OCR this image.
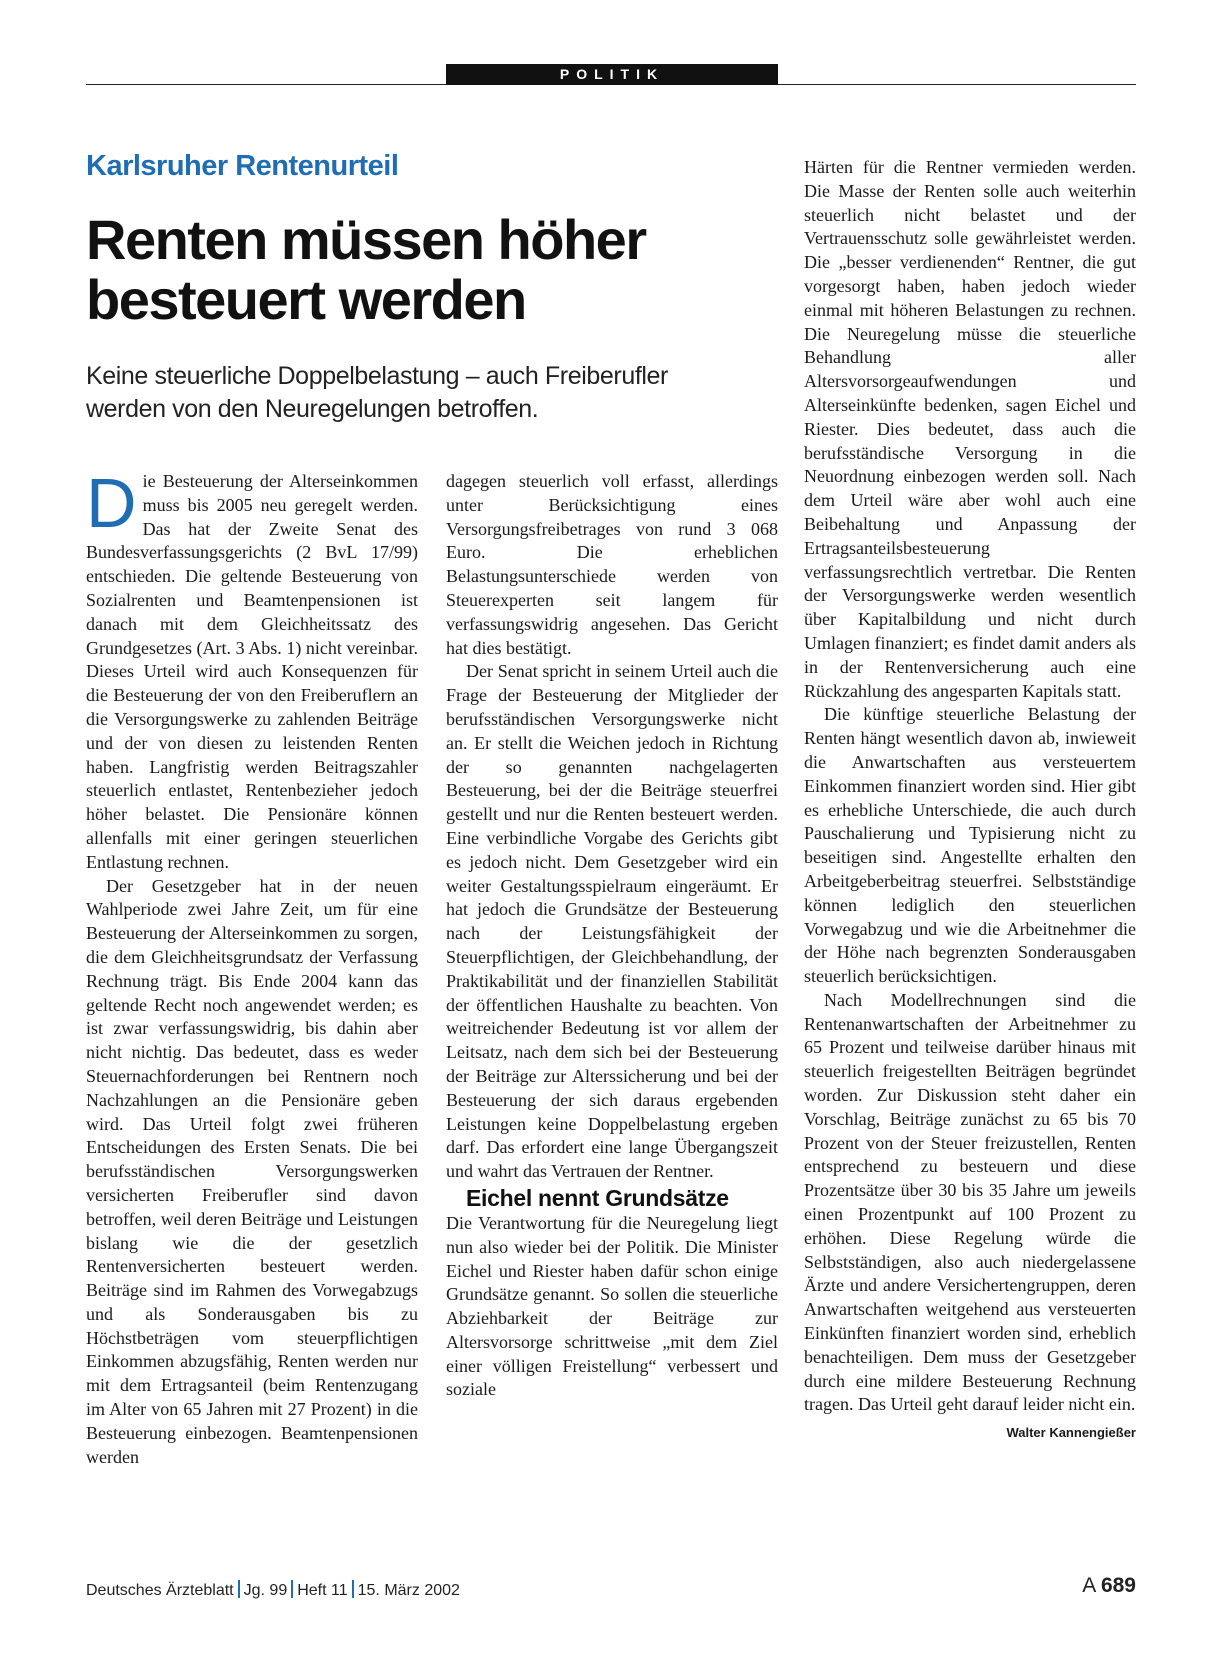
POLITIK
Karlsruher Rentenurteil
Renten müssen höher
besteuert werden
Keine steuerliche Doppelbelastung – auch Freiberufler
werden von den Neuregelungen betroffen.

Die Besteuerung der Alterseinkommen muss bis 2005 neu geregelt werden. Das hat der Zweite Senat des Bundesverfassungsgerichts (2 BvL 17/99) entschieden. Die geltende Besteuerung von Sozialrenten und Beamtenpensionen ist danach mit dem Gleichheitssatz des Grundgesetzes (Art. 3 Abs. 1) nicht vereinbar. Dieses Urteil wird auch Konsequenzen für die Besteuerung der von den Freiberuflern an die Versorgungswerke zu zahlenden Beiträge und der von diesen zu leistenden Renten haben. Langfristig werden Beitragszahler steuerlich entlastet, Rentenbezieher jedoch höher belastet. Die Pensionäre können allenfalls mit einer geringen steuerlichen Entlastung rechnen.

Der Gesetzgeber hat in der neuen Wahlperiode zwei Jahre Zeit, um für eine Besteuerung der Alterseinkommen zu sorgen, die dem Gleichheitsgrundsatz der Verfassung Rechnung trägt. Bis Ende 2004 kann das geltende Recht noch angewendet werden; es ist zwar verfassungswidrig, bis dahin aber nicht nichtig. Das bedeutet, dass es weder Steuernachforderungen bei Rentnern noch Nachzahlungen an die Pensionäre geben wird. Das Urteil folgt zwei früheren Entscheidungen des Ersten Senats. Die bei berufsständischen Versorgungswerken versicherten Freiberufler sind davon betroffen, weil deren Beiträge und Leistungen bislang wie die der gesetzlich Rentenversicherten besteuert werden. Beiträge sind im Rahmen des Vorwegabzugs und als Sonderausgaben bis zu Höchstbeträgen vom steuerpflichtigen Einkommen abzugsfähig, Renten werden nur mit dem Ertragsanteil (beim Rentenzugang im Alter von 65 Jahren mit 27 Prozent) in die Besteuerung einbezogen. Beamtenpensionen werden

dagegen steuerlich voll erfasst, allerdings unter Berücksichtigung eines Versorgungsfreibetrages von rund 3 068 Euro. Die erheblichen Belastungsunterschiede werden von Steuerexperten seit langem für verfassungswidrig angesehen. Das Gericht hat dies bestätigt.

Der Senat spricht in seinem Urteil auch die Frage der Besteuerung der Mitglieder der berufsständischen Versorgungswerke nicht an. Er stellt die Weichen jedoch in Richtung der so genannten nachgelagerten Besteuerung, bei der die Beiträge steuerfrei gestellt und nur die Renten besteuert werden. Eine verbindliche Vorgabe des Gerichts gibt es jedoch nicht. Dem Gesetzgeber wird ein weiter Gestaltungsspielraum eingeräumt. Er hat jedoch die Grundsätze der Besteuerung nach der Leistungsfähigkeit der Steuerpflichtigen, der Gleichbehandlung, der Praktikabilität und der finanziellen Stabilität der öffentlichen Haushalte zu beachten. Von weitreichender Bedeutung ist vor allem der Leitsatz, nach dem sich bei der Besteuerung der Beiträge zur Alterssicherung und bei der Besteuerung der sich daraus ergebenden Leistungen keine Doppelbelastung ergeben darf. Das erfordert eine lange Übergangszeit und wahrt das Vertrauen der Rentner.

Eichel nennt Grundsätze

Die Verantwortung für die Neuregelung liegt nun also wieder bei der Politik. Die Minister Eichel und Riester haben dafür schon einige Grundsätze genannt. So sollen die steuerliche Abziehbarkeit der Beiträge zur Altersvorsorge schrittweise „mit dem Ziel einer völligen Freistellung“ verbessert und soziale

Härten für die Rentner vermieden werden. Die Masse der Renten solle auch weiterhin steuerlich nicht belastet und der Vertrauensschutz solle gewährleistet werden. Die „besser verdienenden“ Rentner, die gut vorgesorgt haben, haben jedoch wieder einmal mit höheren Belastungen zu rechnen. Die Neuregelung müsse die steuerliche Behandlung aller Altersvorsorgeaufwendungen und Alterseinkünfte bedenken, sagen Eichel und Riester. Dies bedeutet, dass auch die berufsständische Versorgung in die Neuordnung einbezogen werden soll. Nach dem Urteil wäre aber wohl auch eine Beibehaltung und Anpassung der Ertragsanteilsbesteuerung verfassungsrechtlich vertretbar. Die Renten der Versorgungswerke werden wesentlich über Kapitalbildung und nicht durch Umlagen finanziert; es findet damit anders als in der Rentenversicherung auch eine Rückzahlung des angesparten Kapitals statt.

Die künftige steuerliche Belastung der Renten hängt wesentlich davon ab, inwieweit die Anwartschaften aus versteuertem Einkommen finanziert worden sind. Hier gibt es erhebliche Unterschiede, die auch durch Pauschalierung und Typisierung nicht zu beseitigen sind. Angestellte erhalten den Arbeitgeberbeitrag steuerfrei. Selbstständige können lediglich den steuerlichen Vorwegabzug und wie die Arbeitnehmer die der Höhe nach begrenzten Sonderausgaben steuerlich berücksichtigen.

Nach Modellrechnungen sind die Rentenanwartschaften der Arbeitnehmer zu 65 Prozent und teilweise darüber hinaus mit steuerlich freigestellten Beiträgen begründet worden. Zur Diskussion steht daher ein Vorschlag, Beiträge zunächst zu 65 bis 70 Prozent von der Steuer freizustellen, Renten entsprechend zu besteuern und diese Prozentsätze über 30 bis 35 Jahre um jeweils einen Prozentpunkt auf 100 Prozent zu erhöhen. Diese Regelung würde die Selbstständigen, also auch niedergelassene Ärzte und andere Versichertengruppen, deren Anwartschaften weitgehend aus versteuerten Einkünften finanziert worden sind, erheblich benachteiligen. Dem muss der Gesetzgeber durch eine mildere Besteuerung Rechnung tragen. Das Urteil geht darauf leider nicht ein.
Walter Kannengießer

Deutsches Ärzteblatt Jg. 99 Heft 11 15. März 2002	A 689
